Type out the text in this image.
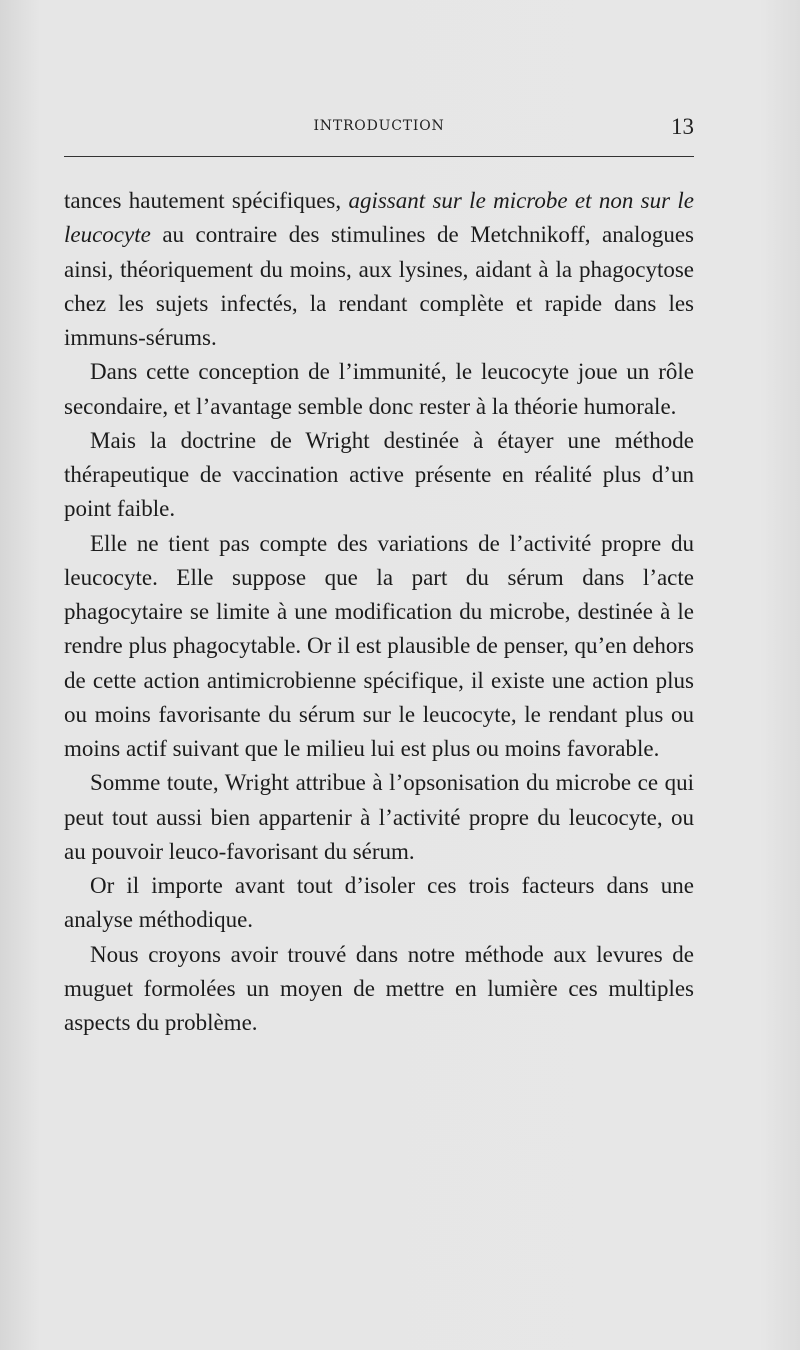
INTRODUCTION	13

tances hautement spécifiques, agissant sur le microbe et non sur le leucocyte au contraire des stimulines de Metchnikoff, analogues ainsi, théoriquement du moins, aux lysines, aidant à la phagocytose chez les sujets infectés, la rendant complète et rapide dans les immuns-sérums.

Dans cette conception de l’immunité, le leucocyte joue un rôle secondaire, et l’avantage semble donc rester à la théorie humorale.

Mais la doctrine de Wright destinée à étayer une méthode thérapeutique de vaccination active présente en réalité plus d’un point faible.

Elle ne tient pas compte des variations de l’activité propre du leucocyte. Elle suppose que la part du sérum dans l’acte phagocytaire se limite à une modification du microbe, destinée à le rendre plus phagocytable. Or il est plausible de penser, qu’en dehors de cette action antimicrobienne spécifique, il existe une action plus ou moins favorisante du sérum sur le leucocyte, le rendant plus ou moins actif suivant que le milieu lui est plus ou moins favorable.

Somme toute, Wright attribue à l’opsonisation du microbe ce qui peut tout aussi bien appartenir à l’activité propre du leucocyte, ou au pouvoir leuco-favorisant du sérum.

Or il importe avant tout d’isoler ces trois facteurs dans une analyse méthodique.

Nous croyons avoir trouvé dans notre méthode aux levures de muguet formolées un moyen de mettre en lumière ces multiples aspects du problème.
